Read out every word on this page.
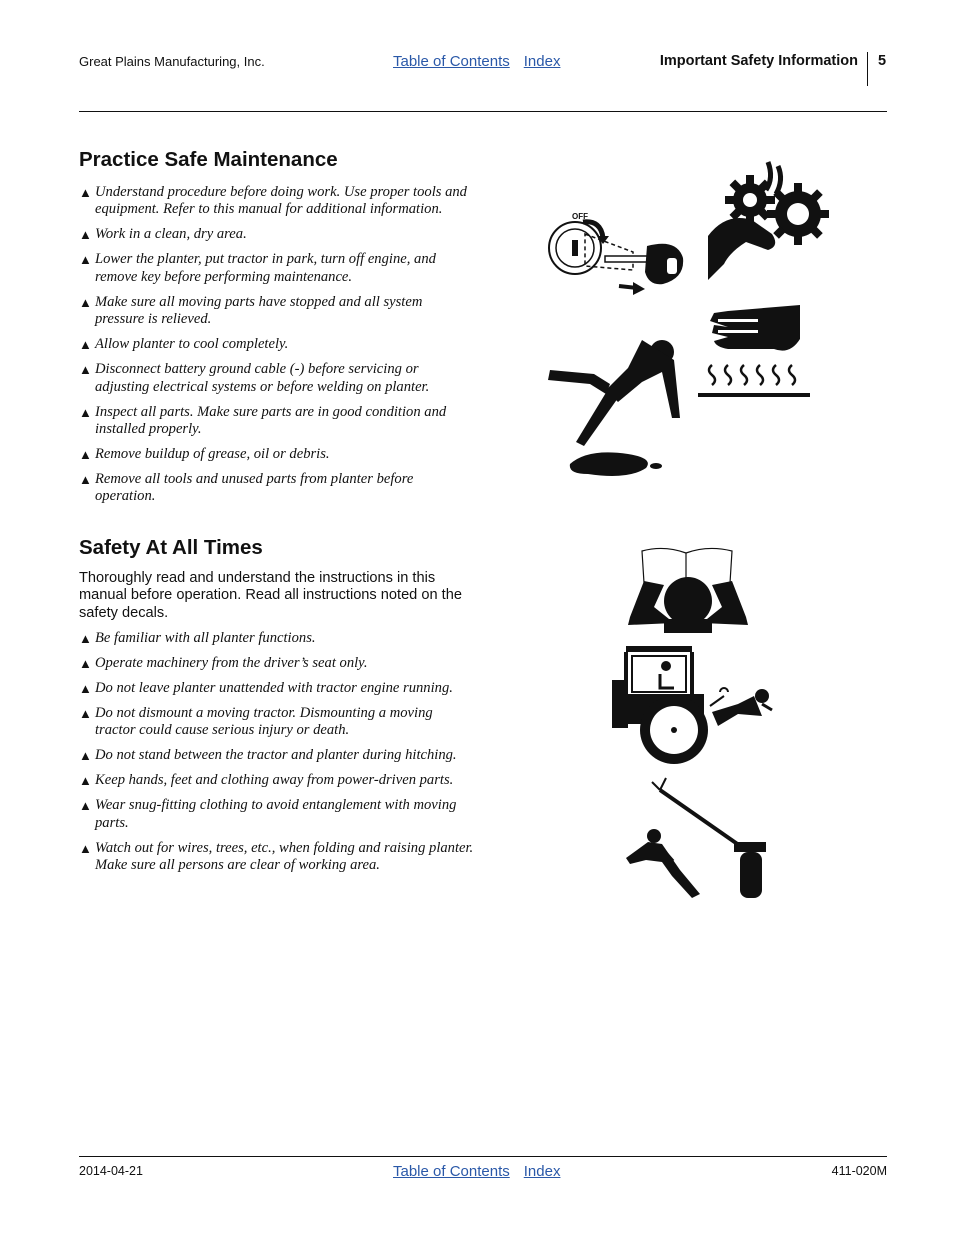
Great Plains Manufacturing, Inc.	Table of Contents Index	Important Safety Information 5
Practice Safe Maintenance
▲ Understand procedure before doing work. Use proper tools and equipment. Refer to this manual for additional information.
▲ Work in a clean, dry area.
▲ Lower the planter, put tractor in park, turn off engine, and remove key before performing maintenance.
▲ Make sure all moving parts have stopped and all system pressure is relieved.
▲ Allow planter to cool completely.
▲ Disconnect battery ground cable (-) before servicing or adjusting electrical systems or before welding on planter.
▲ Inspect all parts. Make sure parts are in good condition and installed properly.
▲ Remove buildup of grease, oil or debris.
▲ Remove all tools and unused parts from planter before operation.
Safety At All Times
Thoroughly read and understand the instructions in this manual before operation. Read all instructions noted on the safety decals.
▲ Be familiar with all planter functions.
▲ Operate machinery from the driver’s seat only.
▲ Do not leave planter unattended with tractor engine running.
▲ Do not dismount a moving tractor. Dismounting a moving tractor could cause serious injury or death.
▲ Do not stand between the tractor and planter during hitching.
▲ Keep hands, feet and clothing away from power-driven parts.
▲ Wear snug-fitting clothing to avoid entanglement with moving parts.
▲ Watch out for wires, trees, etc., when folding and raising planter. Make sure all persons are clear of working area.
OFF
2014-04-21	Table of Contents Index	411-020M
